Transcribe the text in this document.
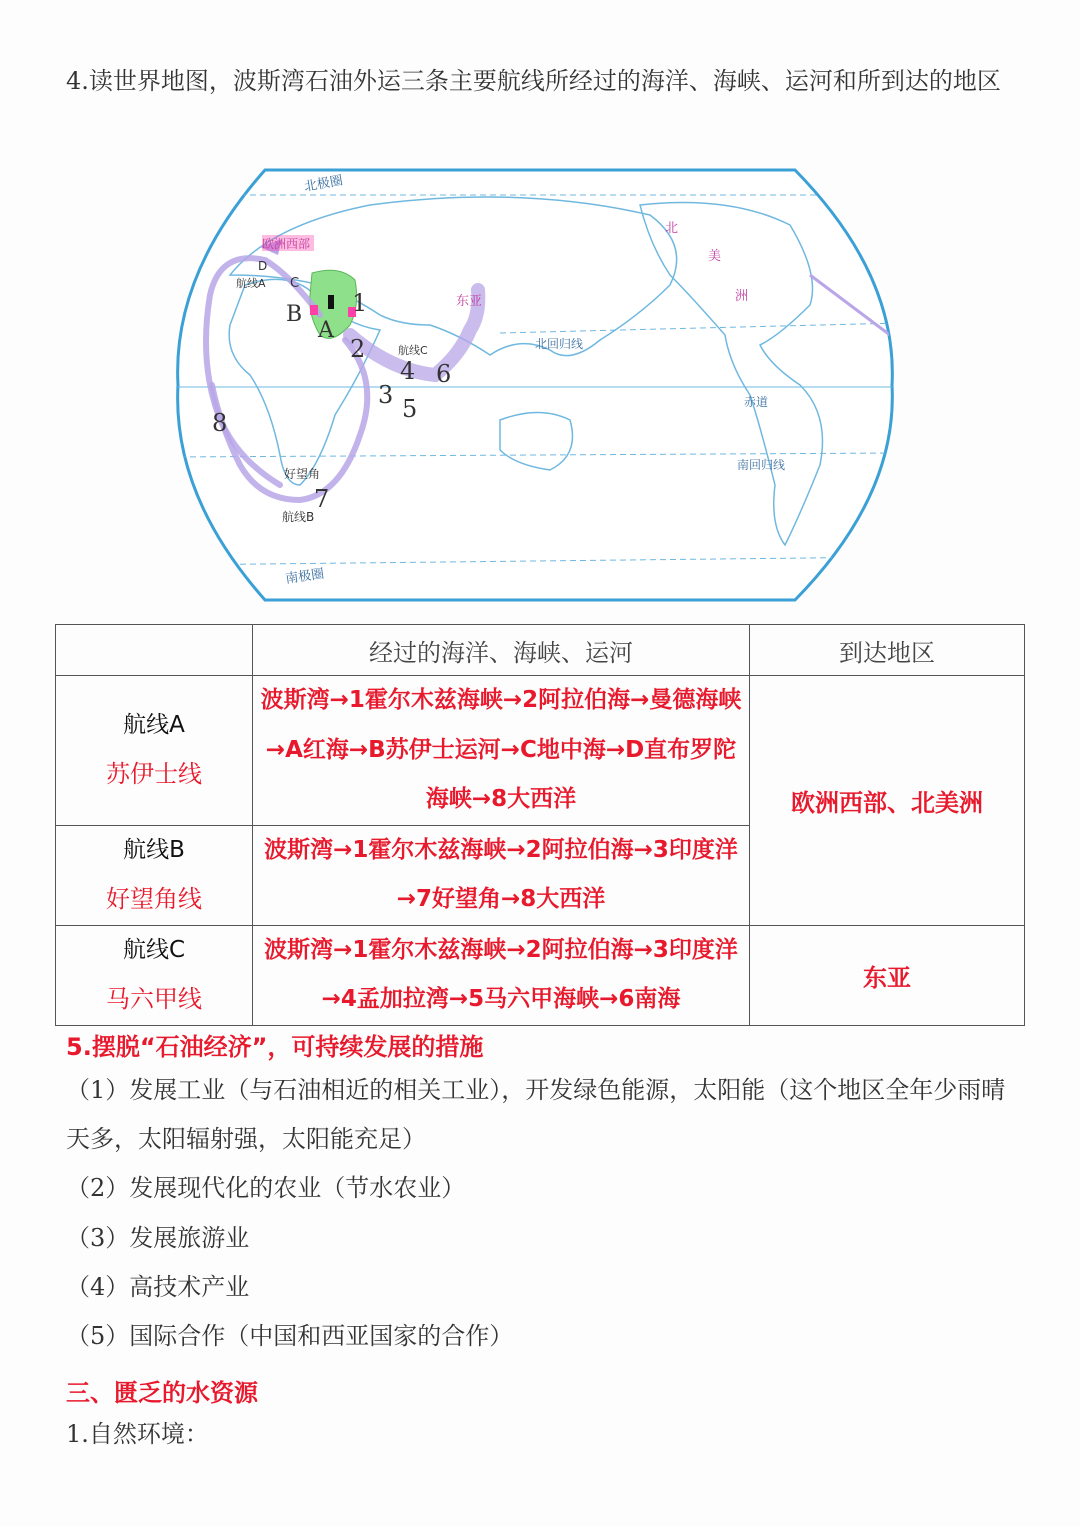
4.读世界地图，波斯湾石油外运三条主要航线所经过的海洋、海峡、运河和所到达的地区

北极圈
欧洲西部
D
C
航线A
B
A
1
2	航线C
4 6
3 5
8
好望角
7
航线B
东亚
北
美
洲
北回归线
赤道
南回归线
南极圈
	经过的海洋、海峡、运河	到达地区

航线A
苏伊士线	波斯湾→1霍尔木兹海峡→2阿拉伯海→曼德海峡→A红海→B苏伊士运河→C地中海→D直布罗陀海峡→8大西洋	欧洲西部、北美洲

航线B
好望角线	波斯湾→1霍尔木兹海峡→2阿拉伯海→3印度洋→7好望角→8大西洋	

航线C
马六甲线	波斯湾→1霍尔木兹海峡→2阿拉伯海→3印度洋→4孟加拉湾→5马六甲海峡→6南海	东亚

5.摆脱“石油经济”，可持续发展的措施

（1）发展工业（与石油相近的相关工业），开发绿色能源，太阳能（这个地区全年少雨晴天多，太阳辐射强，太阳能充足）

（2）发展现代化的农业（节水农业）

（3）发展旅游业

（4）高技术产业

（5）国际合作（中国和西亚国家的合作）

三、匮乏的水资源

1.自然环境：
